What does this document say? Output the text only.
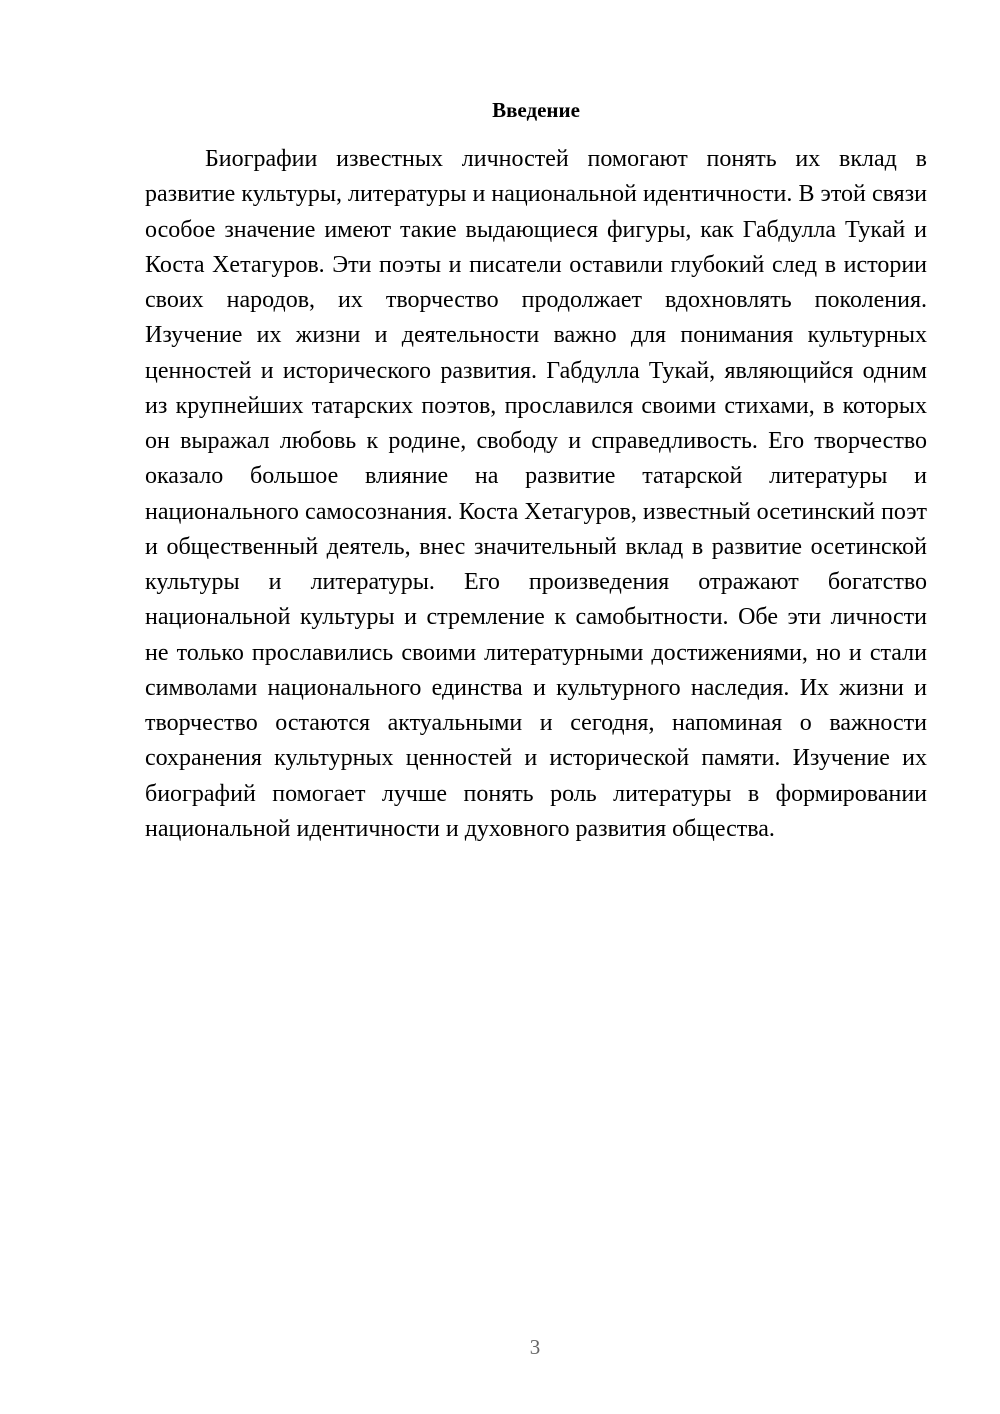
Введение

Биографии известных личностей помогают понять их вклад в развитие культуры, литературы и национальной идентичности. В этой связи особое значение имеют такие выдающиеся фигуры, как Габдулла Тукай и Коста Хетагуров. Эти поэты и писатели оставили глубокий след в истории своих народов, их творчество продолжает вдохновлять поколения. Изучение их жизни и деятельности важно для понимания культурных ценностей и исторического развития. Габдулла Тукай, являющийся одним из крупнейших татарских поэтов, прославился своими стихами, в которых он выражал любовь к родине, свободу и справедливость. Его творчество оказало большое влияние на развитие татарской литературы и национального самосознания. Коста Хетагуров, известный осетинский поэт и общественный деятель, внес значительный вклад в развитие осетинской культуры и литературы. Его произведения отражают богатство национальной культуры и стремление к самобытности. Обе эти личности не только прославились своими литературными достижениями, но и стали символами национального единства и культурного наследия. Их жизни и творчество остаются актуальными и сегодня, напоминая о важности сохранения культурных ценностей и исторической памяти. Изучение их биографий помогает лучше понять роль литературы в формировании национальной идентичности и духовного развития общества.

3
